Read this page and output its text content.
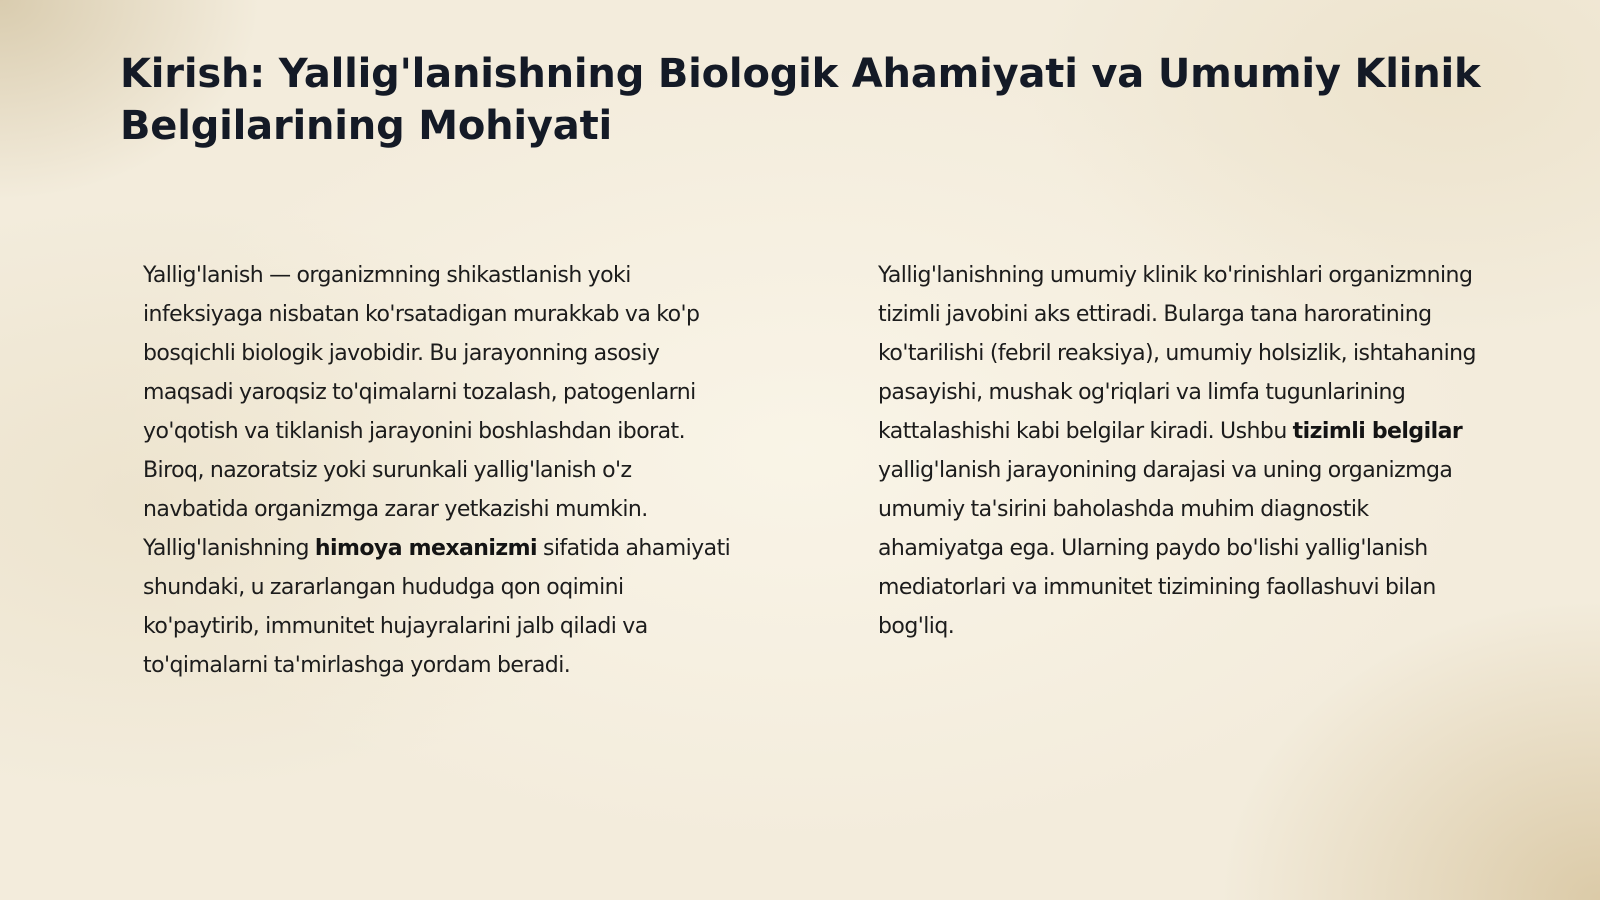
Kirish: Yallig'lanishning Biologik Ahamiyati va Umumiy Klinik Belgilarining Mohiyati

Yallig'lanish — organizmning shikastlanish yoki infeksiyaga nisbatan ko'rsatadigan murakkab va ko'p bosqichli biologik javobidir. Bu jarayonning asosiy maqsadi yaroqsiz to'qimalarni tozalash, patogenlarni yo'qotish va tiklanish jarayonini boshlashdan iborat. Biroq, nazoratsiz yoki surunkali yallig'lanish o'z navbatida organizmga zarar yetkazishi mumkin. Yallig'lanishning himoya mexanizmi sifatida ahamiyati shundaki, u zararlangan hududga qon oqimini ko'paytirib, immunitet hujayralarini jalb qiladi va to'qimalarni ta'mirlashga yordam beradi.

Yallig'lanishning umumiy klinik ko'rinishlari organizmning tizimli javobini aks ettiradi. Bularga tana haroratining ko'tarilishi (febril reaksiya), umumiy holsizlik, ishtahaning pasayishi, mushak og'riqlari va limfa tugunlarining kattalashishi kabi belgilar kiradi. Ushbu tizimli belgilar yallig'lanish jarayonining darajasi va uning organizmga umumiy ta'sirini baholashda muhim diagnostik ahamiyatga ega. Ularning paydo bo'lishi yallig'lanish mediatorlari va immunitet tizimining faollashuvi bilan bog'liq.
